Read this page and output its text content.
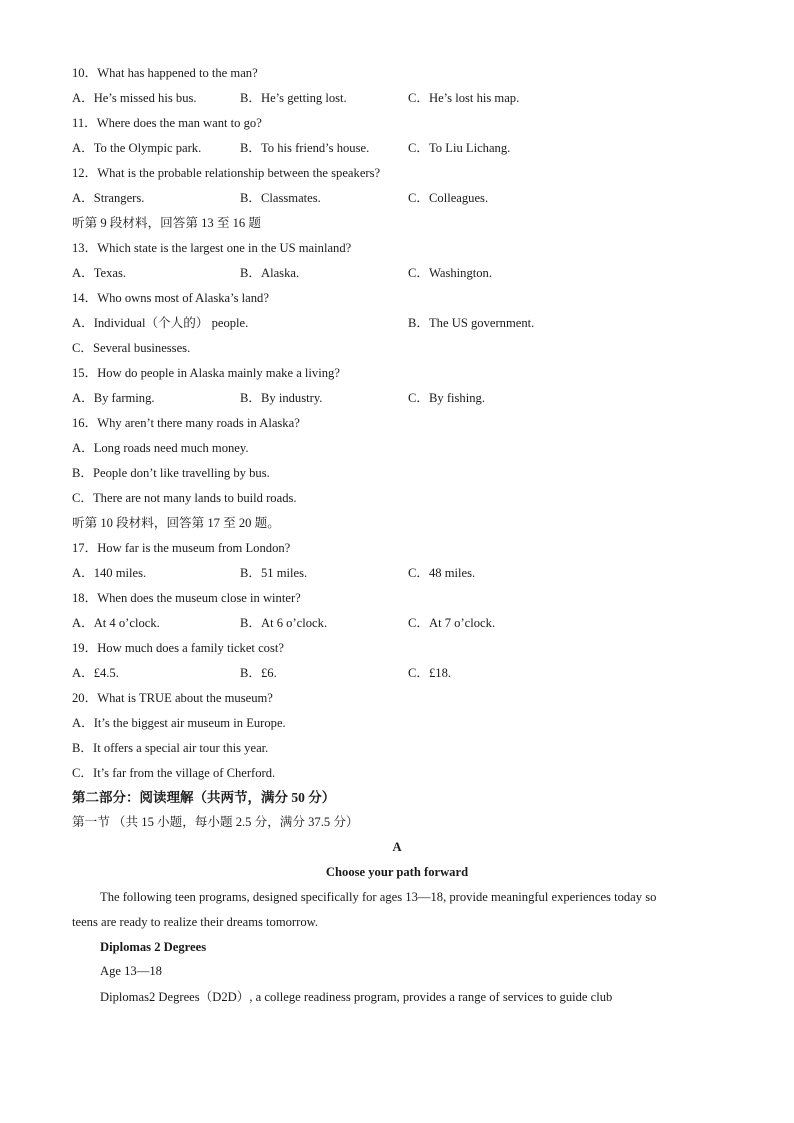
10．What has happened to the man?
A．He’s missed his bus.	B．He’s getting lost.	C．He’s lost his map.
11．Where does the man want to go?
A．To the Olympic park.	B．To his friend’s house.	C．To Liu Lichang.
12．What is the probable relationship between the speakers?
A．Strangers.	B．Classmates.	C．Colleagues.
听第 9 段材料，回答第 13 至 16 题
13．Which state is the largest one in the US mainland?
A．Texas.	B．Alaska.	C．Washington.
14．Who owns most of Alaska’s land?
A．Individual（个人的） people.	B．The US government.
C．Several businesses.
15．How do people in Alaska mainly make a living?
A．By farming.	B．By industry.	C．By fishing.
16．Why aren’t there many roads in Alaska?
A．Long roads need much money.
B．People don’t like travelling by bus.
C．There are not many lands to build roads.
听第 10 段材料，回答第 17 至 20 题。
17．How far is the museum from London?
A．140 miles.	B．51 miles.	C．48 miles.
18．When does the museum close in winter?
A．At 4 o’clock.	B．At 6 o’clock.	C．At 7 o’clock.
19．How much does a family ticket cost?
A．£4.5.	B．£6.	C．£18.
20．What is TRUE about the museum?
A．It’s the biggest air museum in Europe.
B．It offers a special air tour this year.
C．It’s far from the village of Cherford.
第二部分：阅读理解（共两节，满分 50 分）
第一节 （共 15 小题，每小题 2.5 分，满分 37.5 分）
A
Choose your path forward
The following teen programs, designed specifically for ages 13—18, provide meaningful experiences today so
teens are ready to realize their dreams tomorrow.
Diplomas 2 Degrees
Age 13—18
Diplomas2 Degrees（D2D）, a college readiness program, provides a range of services to guide club
